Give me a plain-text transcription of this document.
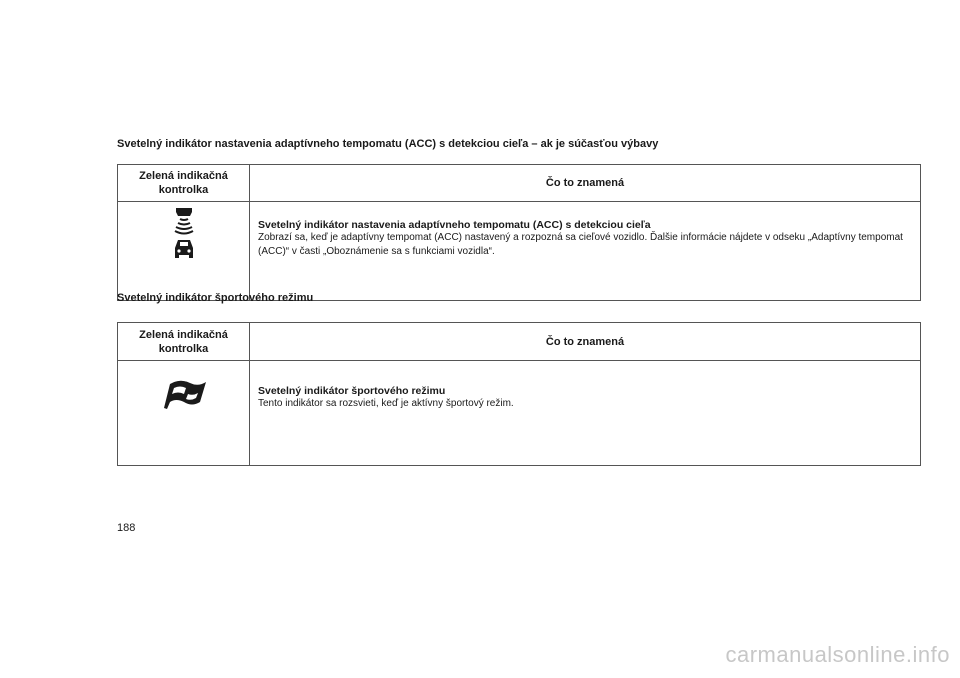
Svetelný indikátor nastavenia adaptívneho tempomatu (ACC) s detekciou cieľa – ak je súčasťou výbavy

Zelená indikačná kontrolka	Čo to znamená

Svetelný indikátor nastavenia adaptívneho tempomatu (ACC) s detekciou cieľa
Zobrazí sa, keď je adaptívny tempomat (ACC) nastavený a rozpozná sa cieľové vozidlo. Ďalšie informácie nájdete v odseku „Adaptívny tempomat (ACC)“ v časti „Oboznámenie sa s funkciami vozidla“.

Svetelný indikátor športového režimu

Zelená indikačná kontrolka	Čo to znamená

Svetelný indikátor športového režimu
Tento indikátor sa rozsvieti, keď je aktívny športový režim.

188

carmanualsonline.info
